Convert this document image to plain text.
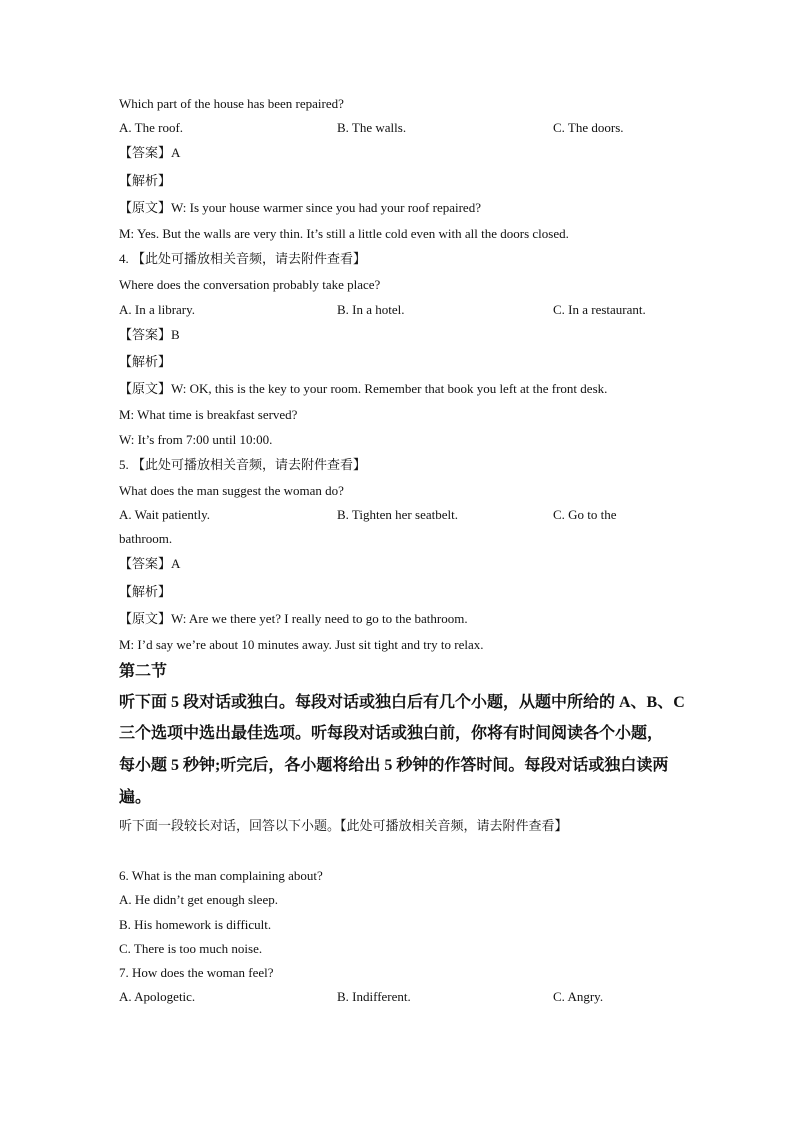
Which part of the house has been repaired?
A. The roof.	B. The walls.	C. The doors.
【答案】A
【解析】
【原文】W: Is your house warmer since you had your roof repaired?
M: Yes. But the walls are very thin. It’s still a little cold even with all the doors closed.
4. 【此处可播放相关音频，请去附件查看】
Where does the conversation probably take place?
A. In a library.	B. In a hotel.	C. In a restaurant.
【答案】B
【解析】
【原文】W: OK, this is the key to your room. Remember that book you left at the front desk.
M: What time is breakfast served?
W: It’s from 7:00 until 10:00.
5. 【此处可播放相关音频，请去附件查看】
What does the man suggest the woman do?
A. Wait patiently.	B. Tighten her seatbelt.	C. Go to the
bathroom.
【答案】A
【解析】
【原文】W: Are we there yet? I really need to go to the bathroom.
M: I’d say we’re about 10 minutes away. Just sit tight and try to relax.
第二节
听下面 5 段对话或独白。每段对话或独白后有几个小题，从题中所给的 A、B、C
三个选项中选出最佳选项。听每段对话或独白前，你将有时间阅读各个小题，
每小题 5 秒钟;听完后，各小题将给出 5 秒钟的作答时间。每段对话或独白读两
遍。
听下面一段较长对话，回答以下小题。【此处可播放相关音频，请去附件查看】
6. What is the man complaining about?
A. He didn’t get enough sleep.
B. His homework is difficult.
C. There is too much noise.
7. How does the woman feel?
A. Apologetic.	B. Indifferent.	C. Angry.
